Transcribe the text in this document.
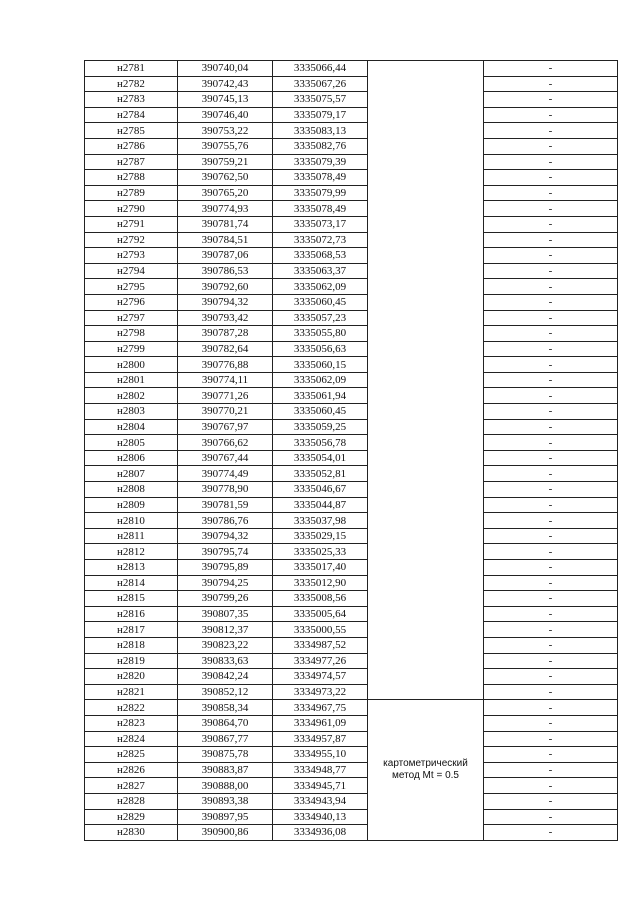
н2781	390740,04	3335066,44		-
н2782	390742,43	3335067,26		-
н2783	390745,13	3335075,57		-
н2784	390746,40	3335079,17		-
н2785	390753,22	3335083,13		-
н2786	390755,76	3335082,76		-
н2787	390759,21	3335079,39		-
н2788	390762,50	3335078,49		-
н2789	390765,20	3335079,99		-
н2790	390774,93	3335078,49		-
н2791	390781,74	3335073,17		-
н2792	390784,51	3335072,73		-
н2793	390787,06	3335068,53		-
н2794	390786,53	3335063,37		-
н2795	390792,60	3335062,09		-
н2796	390794,32	3335060,45		-
н2797	390793,42	3335057,23		-
н2798	390787,28	3335055,80		-
н2799	390782,64	3335056,63		-
н2800	390776,88	3335060,15		-
н2801	390774,11	3335062,09		-
н2802	390771,26	3335061,94		-
н2803	390770,21	3335060,45		-
н2804	390767,97	3335059,25		-
н2805	390766,62	3335056,78		-
н2806	390767,44	3335054,01		-
н2807	390774,49	3335052,81		-
н2808	390778,90	3335046,67		-
н2809	390781,59	3335044,87		-
н2810	390786,76	3335037,98		-
н2811	390794,32	3335029,15		-
н2812	390795,74	3335025,33		-
н2813	390795,89	3335017,40		-
н2814	390794,25	3335012,90		-
н2815	390799,26	3335008,56		-
н2816	390807,35	3335005,64		-
н2817	390812,37	3335000,55		-
н2818	390823,22	3334987,52		-
н2819	390833,63	3334977,26		-
н2820	390842,24	3334974,57		-
н2821	390852,12	3334973,22		-
н2822	390858,34	3334967,75	картометрический метод Mt = 0.5	-
н2823	390864,70	3334961,09		-
н2824	390867,77	3334957,87		-
н2825	390875,78	3334955,10		-
н2826	390883,87	3334948,77		-
н2827	390888,00	3334945,71		-
н2828	390893,38	3334943,94		-
н2829	390897,95	3334940,13		-
н2830	390900,86	3334936,08		-
